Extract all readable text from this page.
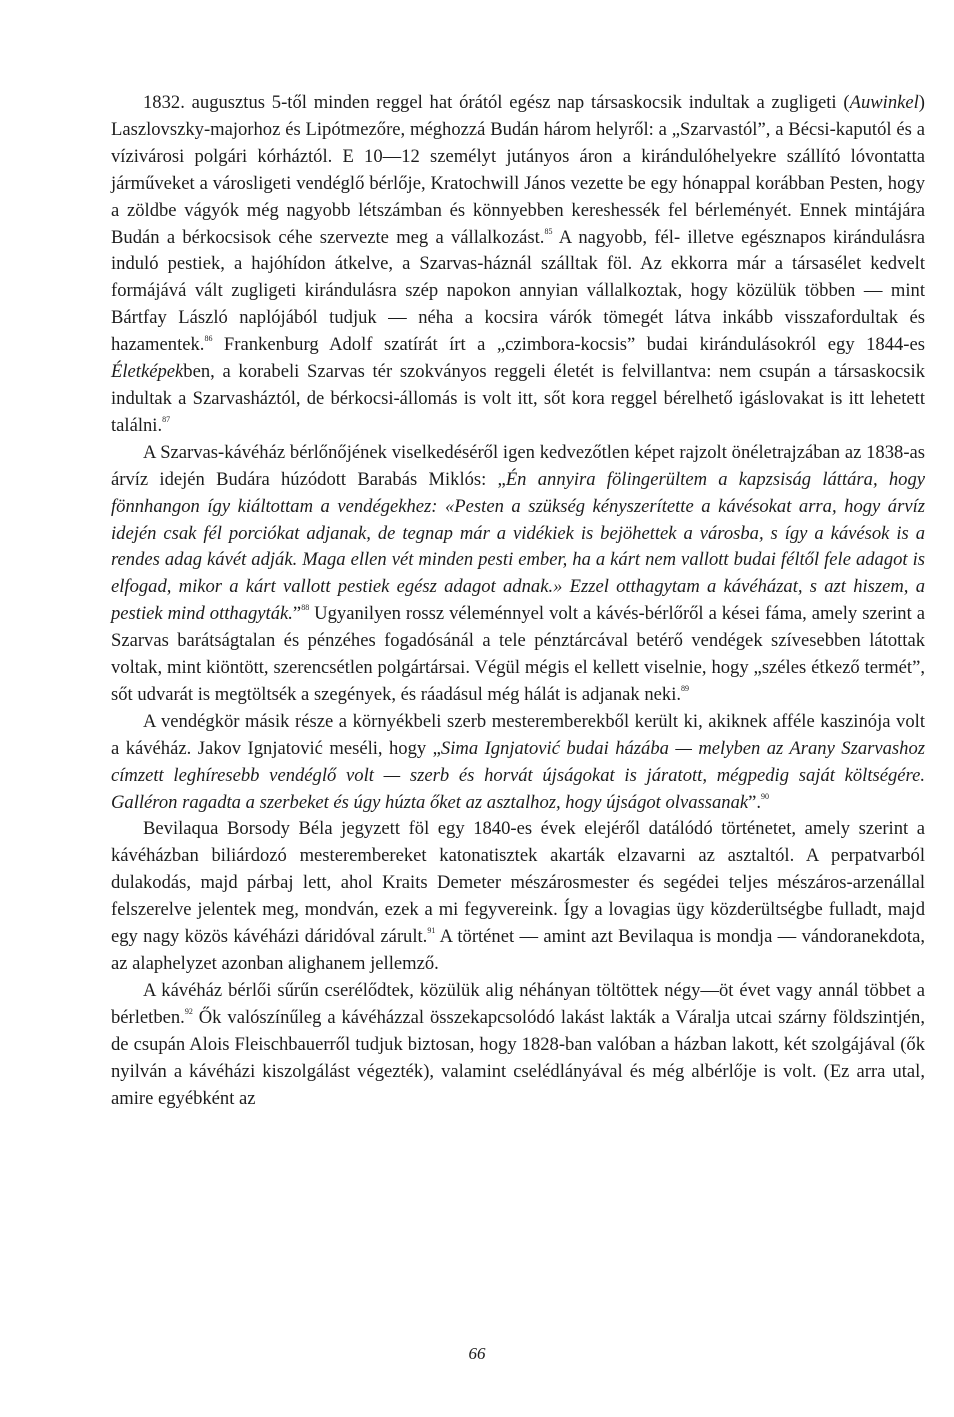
1832. augusztus 5-től minden reggel hat órától egész nap társaskocsik indultak a zugligeti (Auwinkel) Laszlovszky-majorhoz és Lipótmezőre, méghozzá Budán három helyről: a „Szarvastól”, a Bécsi-kaputól és a vízivárosi polgári kórháztól. E 10—12 személyt jutányos áron a kirándulóhelyekre szállító lóvontatta járműveket a városligeti vendéglő bérlője, Kratochwill János vezette be egy hónappal korábban Pesten, hogy a zöldbe vágyók még nagyobb létszámban és könnyebben kereshessék fel bérleményét. Ennek mintájára Budán a bérkocsisok céhe szervezte meg a vállalkozást.$^{85}$ A nagyobb, fél- illetve egésznapos kirándulásra induló pestiek, a hajóhídon átkelve, a Szarvas-háznál szálltak föl. Az ekkorra már a társasélet kedvelt formájává vált zugligeti kirándulásra szép napokon annyian vállalkoztak, hogy közülük többen — mint Bártfay László naplójából tudjuk — néha a kocsira várók tömegét látva inkább visszafordultak és hazamentek.$^{86}$ Frankenburg Adolf szatírát írt a „czimbora-kocsis” budai kirándulásokról egy 1844-es Életképekben, a korabeli Szarvas tér szokványos reggeli életét is felvillantva: nem csupán a társaskocsik indultak a Szarvasháztól, de bérkocsi-állomás is volt itt, sőt kora reggel bérelhető igáslovakat is itt lehetett találni.$^{87}$

A Szarvas-kávéház bérlőnőjének viselkedéséről igen kedvezőtlen képet rajzolt önéletrajzában az 1838-as árvíz idején Budára húzódott Barabás Miklós: „Én annyira fölingerültem a kapzsiság láttára, hogy fönnhangon így kiáltottam a vendégekhez: «Pesten a szükség kényszerítette a kávésokat arra, hogy árvíz idején csak fél porciókat adjanak, de tegnap már a vidékiek is bejöhettek a városba, s így a kávésok is a rendes adag kávét adják. Maga ellen vét minden pesti ember, ha a kárt nem vallott budai féltől fele adagot is elfogad, mikor a kárt vallott pestiek egész adagot adnak.» Ezzel otthagytam a kávéházat, s azt hiszem, a pestiek mind otthagyták.”$^{88}$ Ugyanilyen rossz véleménnyel volt a kávés-bérlőről a kései fáma, amely szerint a Szarvas barátságtalan és pénzéhes fogadósánál a tele pénztárcával betérő vendégek szívesebben látottak voltak, mint kiöntött, szerencsétlen polgártársai. Végül mégis el kellett viselnie, hogy „széles étkező termét”, sőt udvarát is megtöltsék a szegények, és ráadásul még hálát is adjanak neki.$^{89}$

A vendégkör másik része a környékbeli szerb mesteremberekből került ki, akiknek afféle kaszinója volt a kávéház. Jakov Ignjatović meséli, hogy „Sima Ignjatović budai házába — melyben az Arany Szarvashoz címzett leghíresebb vendéglő volt — szerb és horvát újságokat is járatott, mégpedig saját költségére. Galléron ragadta a szerbeket és úgy húzta őket az asztalhoz, hogy újságot olvassanak”.$^{90}$

Bevilaqua Borsody Béla jegyzett föl egy 1840-es évek elejéről datálódó történetet, amely szerint a kávéházban biliárdozó mesterembereket katonatisztek akarták elzavarni az asztaltól. A perpatvarból dulakodás, majd párbaj lett, ahol Kraits Demeter mészárosmester és segédei teljes mészáros-arzenállal felszerelve jelentek meg, mondván, ezek a mi fegyvereink. Így a lovagias ügy közderültségbe fulladt, majd egy nagy közös kávéházi dáridóval zárult.$^{91}$ A történet — amint azt Bevilaqua is mondja — vándoranekdota, az alaphelyzet azonban alighanem jellemző.

A kávéház bérlői sűrűn cserélődtek, közülük alig néhányan töltöttek négy—öt évet vagy annál többet a bérletben.$^{92}$ Ők valószínűleg a kávéházzal összekapcsolódó lakást lakták a Váralja utcai szárny földszintjén, de csupán Alois Fleischbauerről tudjuk biztosan, hogy 1828-ban valóban a házban lakott, két szolgájával (ők nyilván a kávéházi kiszolgálást végezték), valamint cselédlányával és még albérlője is volt. (Ez arra utal, amire egyébként az

66
